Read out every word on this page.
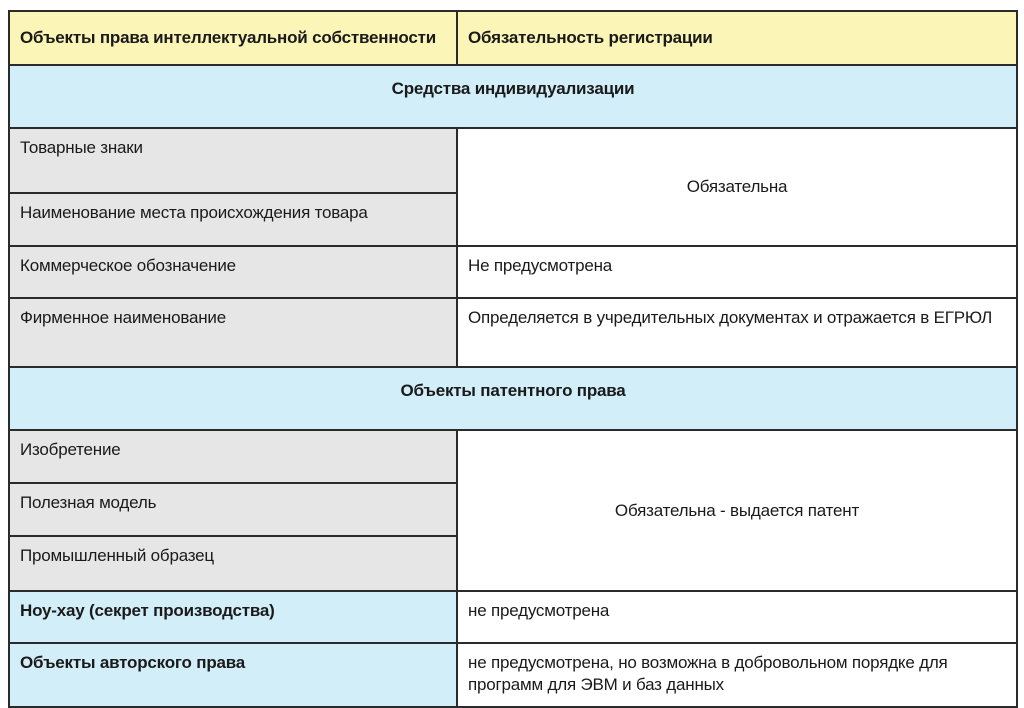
Объекты права интеллектуальной собственности	Обязательность регистрации
Средства индивидуализации	
Товарные знаки	Обязательна
Наименование места происхождения товара	
Коммерческое обозначение	Не предусмотрена
Фирменное наименование	Определяется в учредительных документах и отражается в ЕГРЮЛ
Объекты патентного права	
Изобретение	Обязательна - выдается патент
Полезная модель	
Промышленный образец	
Ноу-хау (секрет производства)	не предусмотрена
Объекты авторского права	не предусмотрена, но возможна в добровольном порядке для программ для ЭВМ и баз данных
